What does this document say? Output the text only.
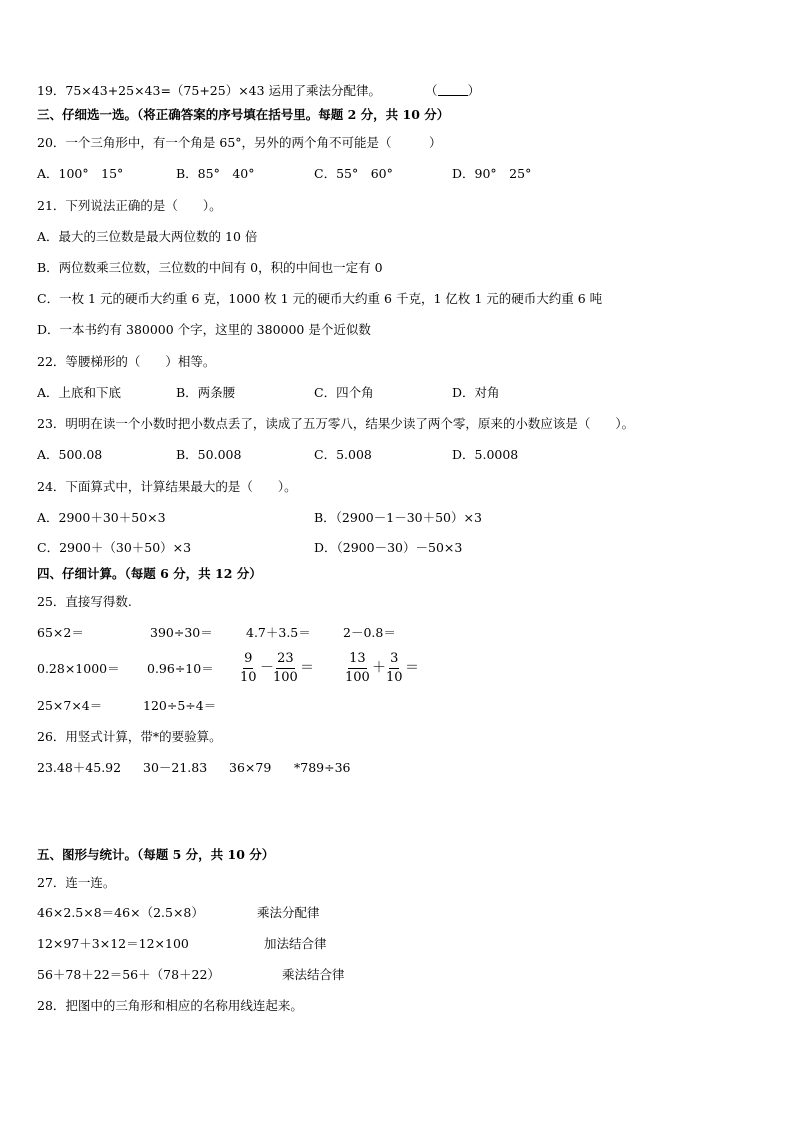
19．75×43+25×43=（75+25）×43 运用了乘法分配律。	（ ）
三、仔细选一选。（将正确答案的序号填在括号里。每题 2 分，共 10 分）
20．一个三角形中，有一个角是 65°，另外的两个角不可能是（　　　）
A．100°　15°	B．85°　40°	C．55°　60°	D．90°　25°
21．下列说法正确的是（　　）。
A．最大的三位数是最大两位数的 10 倍
B．两位数乘三位数，三位数的中间有 0，积的中间也一定有 0
C．一枚 1 元的硬币大约重 6 克，1000 枚 1 元的硬币大约重 6 千克，1 亿枚 1 元的硬币大约重 6 吨
D．一本书约有 380000 个字，这里的 380000 是个近似数
22．等腰梯形的（　　）相等。
A．上底和下底	B．两条腰	C．四个角	D．对角
23．明明在读一个小数时把小数点丢了，读成了五万零八，结果少读了两个零，原来的小数应该是（　　）。
A．500.08	B．50.008	C．5.008	D．5.0008
24．下面算式中，计算结果最大的是（　　）。
A．2900＋30＋50×3	B．（2900－1－30＋50）×3
C．2900＋（30＋50）×3	D．（2900－30）－50×3
四、仔细计算。（每题 6 分，共 12 分）
25．直接写得数.
65×2＝	390÷30＝	4.7＋3.5＝	2－0.8＝
$0.28\times 1000= 0.96\div 10= \frac{9}{10} - \frac{23}{100} = \frac{13}{100} + \frac{3}{10}$ ＝
25×7×4＝	120÷5÷4＝
26．用竖式计算，带*的要验算。
23.48＋45.92 30－21.83 36×79 *789÷36
五、图形与统计。（每题 5 分，共 10 分）
27．连一连。
46×2.5×8＝46×（2.5×8）	乘法分配律
12×97＋3×12＝12×100	加法结合律
56＋78＋22＝56＋（78＋22）	乘法结合律
28．把图中的三角形和相应的名称用线连起来。
